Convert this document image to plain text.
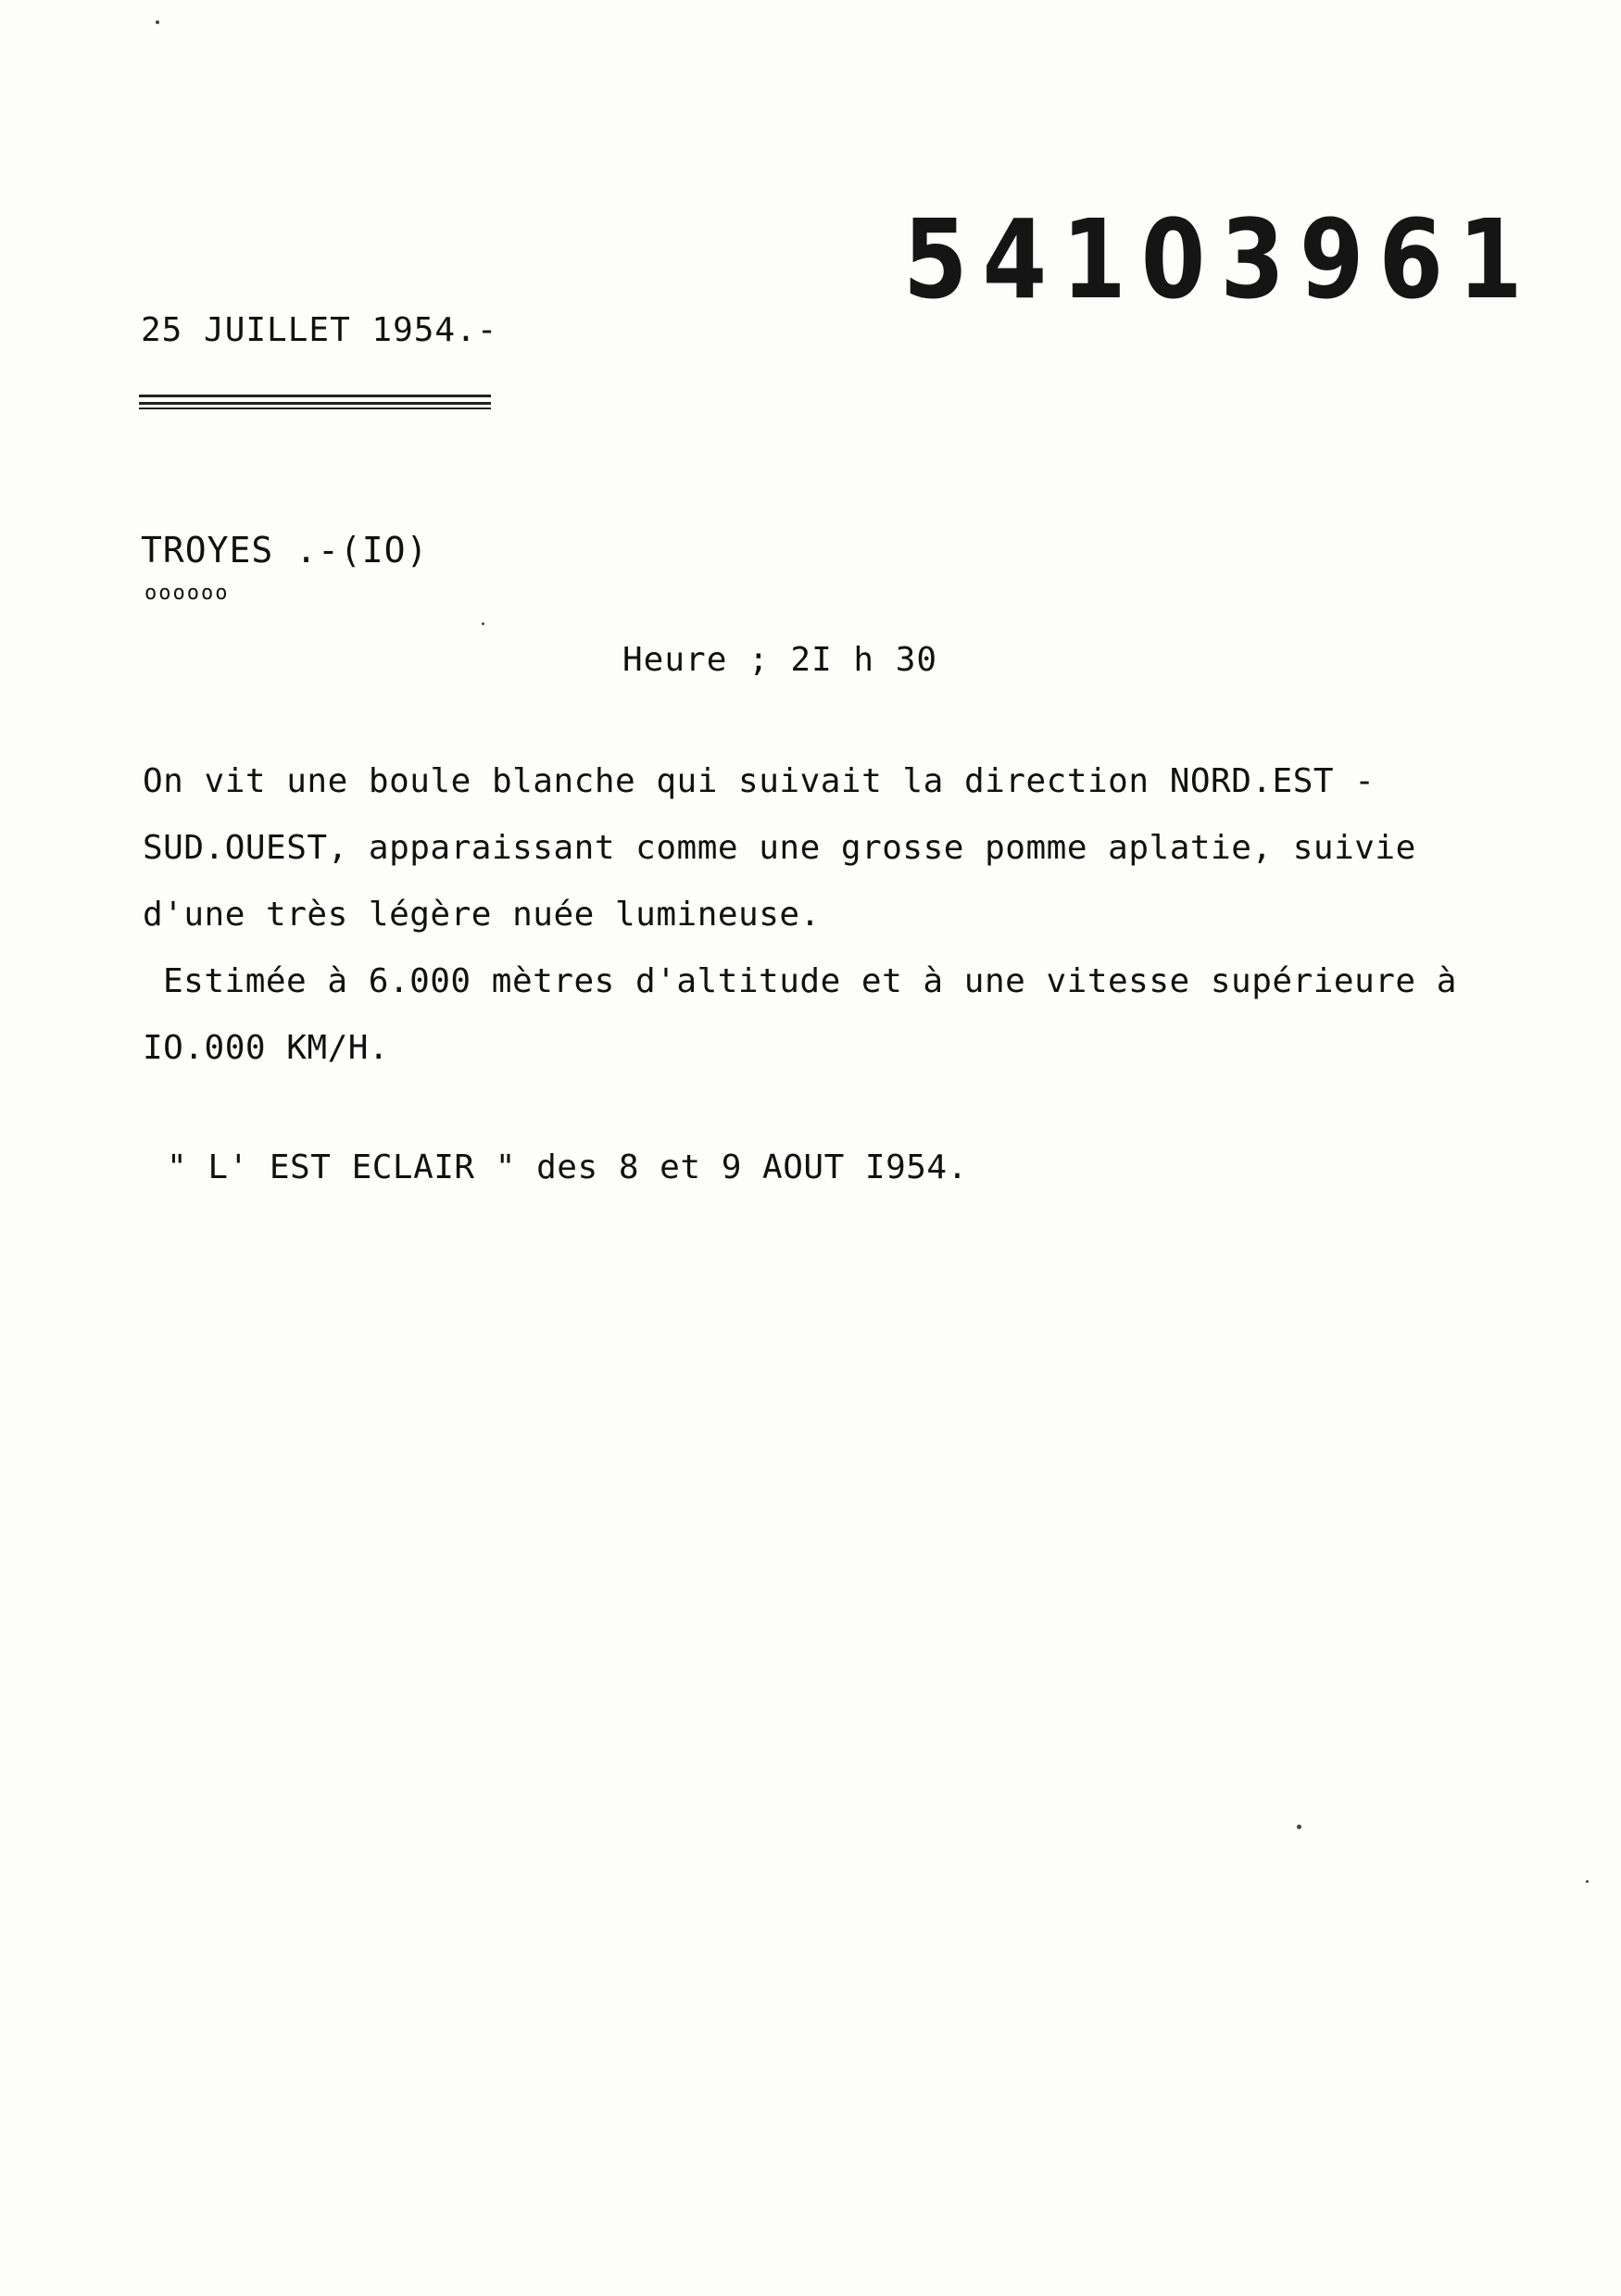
54103961
25 JUILLET 1954.-
TROYES .-(IO)
oooooo
Heure ; 2I h 30
On vit une boule blanche qui suivait la direction NORD.EST -
SUD.OUEST, apparaissant comme une grosse pomme aplatie, suivie
d'une très légère nuée lumineuse.
Estimée à 6.000 mètres d'altitude et à une vitesse supérieure à
IO.000 KM/H.
" L' EST ECLAIR " des 8 et 9 AOUT I954.
